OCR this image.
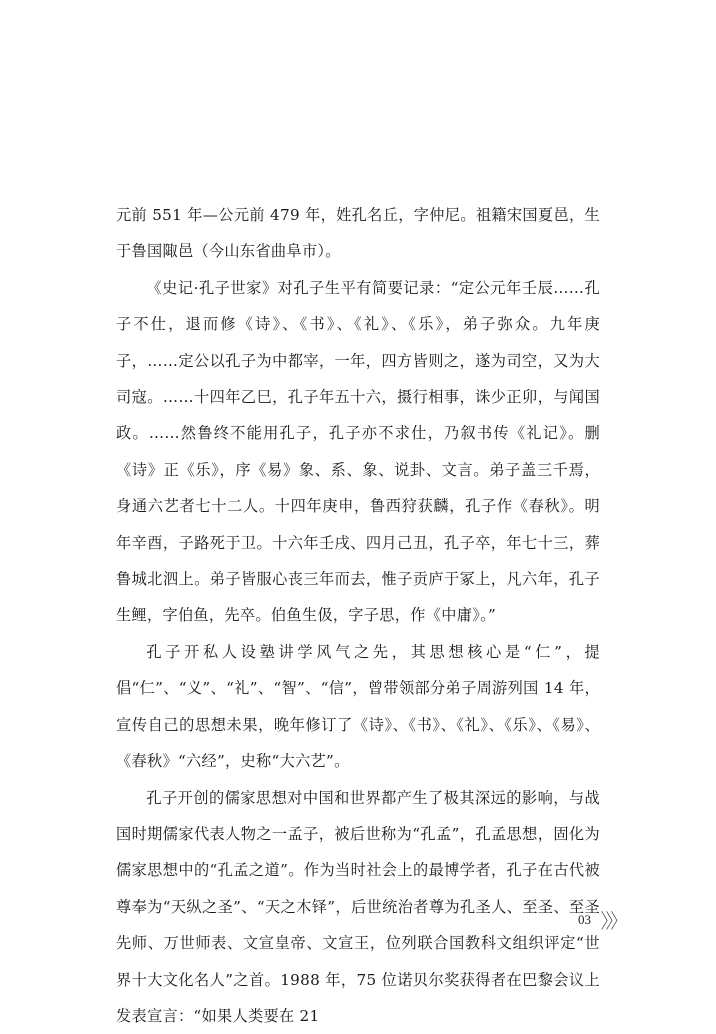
元前 551 年—公元前 479 年，姓孔名丘，字仲尼。祖籍宋国夏邑，生于鲁国陬邑（今山东省曲阜市）。

《史记·孔子世家》对孔子生平有简要记录：“定公元年壬辰……孔子不仕，退而修《诗》、《书》、《礼》、《乐》，弟子弥众。九年庚子，……定公以孔子为中都宰，一年，四方皆则之，遂为司空，又为大司寇。……十四年乙巳，孔子年五十六，摄行相事，诛少正卯，与闻国政。……然鲁终不能用孔子，孔子亦不求仕，乃叙书传《礼记》。删《诗》正《乐》，序《易》象、系、象、说卦、文言。弟子盖三千焉，身通六艺者七十二人。十四年庚申，鲁西狩获麟，孔子作《春秋》。明年辛酉，子路死于卫。十六年壬戌、四月己丑，孔子卒，年七十三，葬鲁城北泗上。弟子皆服心丧三年而去，惟子贡庐于冢上，凡六年，孔子生鲤，字伯鱼，先卒。伯鱼生伋，字子思，作《中庸》。”

孔子开私人设塾讲学风气之先，其思想核心是“仁”，提倡“仁”、“义”、“礼”、“智”、“信”，曾带领部分弟子周游列国 14 年，宣传自己的思想未果，晚年修订了《诗》、《书》、《礼》、《乐》、《易》、《春秋》“六经”，史称“大六艺”。

孔子开创的儒家思想对中国和世界都产生了极其深远的影响，与战国时期儒家代表人物之一孟子，被后世称为“孔孟”，孔孟思想，固化为儒家思想中的“孔孟之道”。作为当时社会上的最博学者，孔子在古代被尊奉为“天纵之圣”、“天之木铎”，后世统治者尊为孔圣人、至圣、至圣先师、万世师表、文宣皇帝、文宣王，位列联合国教科文组织评定“世界十大文化名人”之首。1988 年，75 位诺贝尔奖获得者在巴黎会议上发表宣言：“如果人类要在 21

03 〉〉〉
